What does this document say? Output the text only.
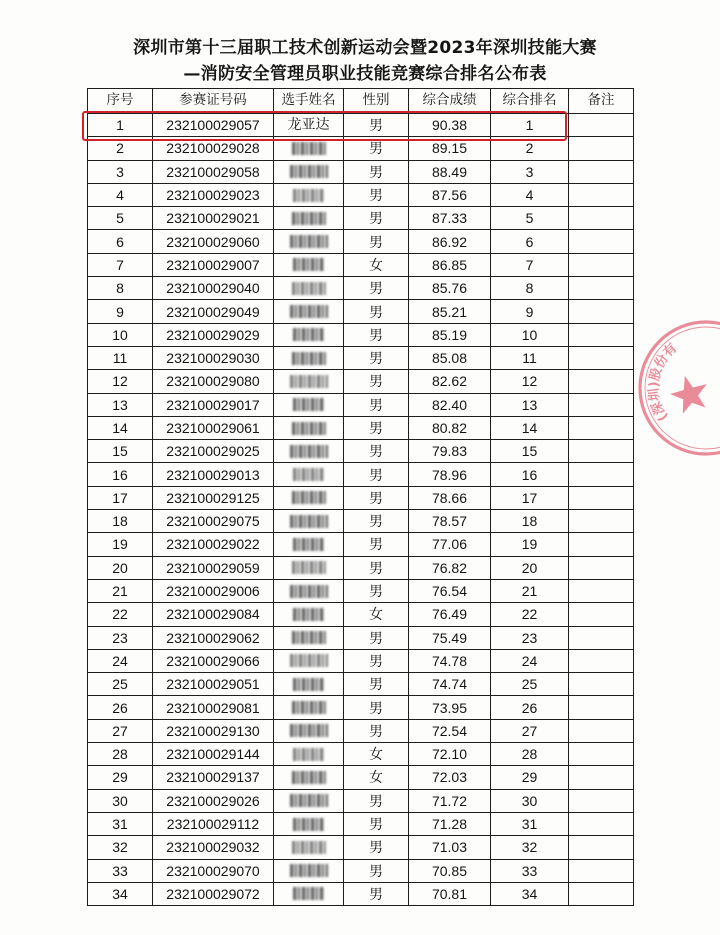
深圳市第十三届职工技术创新运动会暨2023年深圳技能大赛
—消防安全管理员职业技能竞赛综合排名公布表
序号	参赛证号码	选手姓名	性别	综合成绩	综合排名	备注
1	232100029057	龙亚达	男	90.38	1	
2	232100029028		男	89.15	2	
3	232100029058		男	88.49	3	
4	232100029023		男	87.56	4	
5	232100029021		男	87.33	5	
6	232100029060		男	86.92	6	
7	232100029007		女	86.85	7	
8	232100029040		男	85.76	8	
9	232100029049		男	85.21	9	
10	232100029029		男	85.19	10	
11	232100029030		男	85.08	11	
12	232100029080		男	82.62	12	
13	232100029017		男	82.40	13	
14	232100029061		男	80.82	14	
15	232100029025		男	79.83	15	
16	232100029013		男	78.96	16	
17	232100029125		男	78.66	17	
18	232100029075		男	78.57	18	
19	232100029022		男	77.06	19	
20	232100029059		男	76.82	20	
21	232100029006		男	76.54	21	
22	232100029084		女	76.49	22	
23	232100029062		男	75.49	23	
24	232100029066		男	74.78	24	
25	232100029051		男	74.74	25	
26	232100029081		男	73.95	26	
27	232100029130		男	72.54	27	
28	232100029144		女	72.10	28	
29	232100029137		女	72.03	29	
30	232100029026		男	71.72	30	
31	232100029112		男	71.28	31	
32	232100029032		男	71.03	32	
33	232100029070		男	70.85	33	
34	232100029072		男	70.81	34	
(深圳)股份有
